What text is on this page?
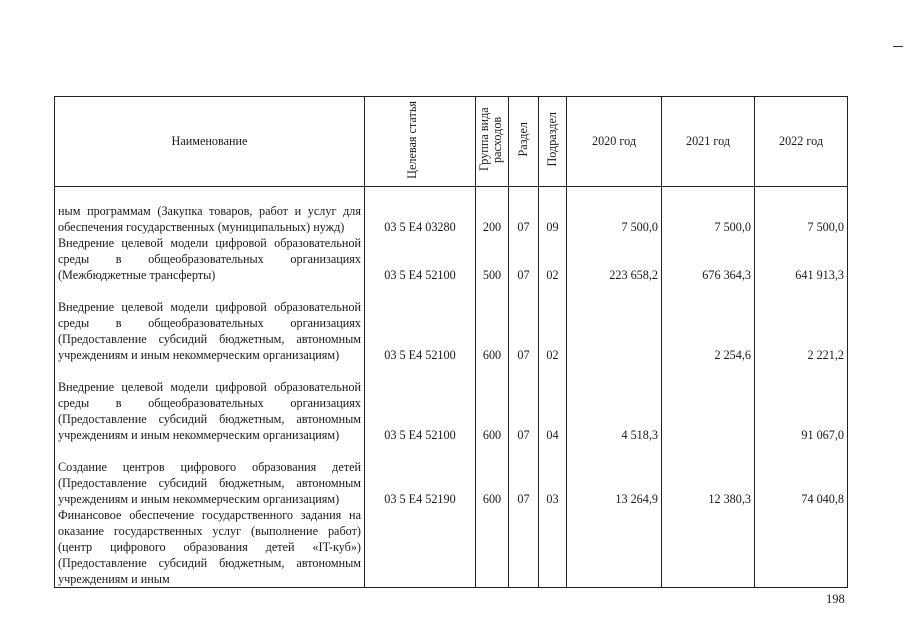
Наименование	Целевая статья	Группа вида расходов	Раздел	Подраздел	2020 год	2021 год	2022 год
ным программам (Закупка товаров, работ и услуг для обеспечения государственных (муниципальных) нужд)	03 5 E4 03280	200	07	09	7 500,0	7 500,0	7 500,0
Внедрение целевой модели цифровой образовательной среды в общеобразовательных организациях (Межбюджетные трансферты)	03 5 E4 52100	500	07	02	223 658,2	676 364,3	641 913,3
Внедрение целевой модели цифровой образовательной среды в общеобразовательных организациях (Предоставление субсидий бюджетным, автономным учреждениям и иным некоммерческим организациям)	03 5 E4 52100	600	07	02		2 254,6	2 221,2
Внедрение целевой модели цифровой образовательной среды в общеобразовательных организациях (Предоставление субсидий бюджетным, автономным учреждениям и иным некоммерческим организациям)	03 5 E4 52100	600	07	04	4 518,3		91 067,0
Создание центров цифрового образования детей (Предоставление субсидий бюджетным, автономным учреждениям и иным некоммерческим организациям)	03 5 E4 52190	600	07	03	13 264,9	12 380,3	74 040,8
Финансовое обеспечение государственного задания на оказание государственных услуг (выполнение работ) (центр цифрового образования детей «IT-куб») (Предоставление субсидий бюджетным, автономным учреждениям и иным							
198
